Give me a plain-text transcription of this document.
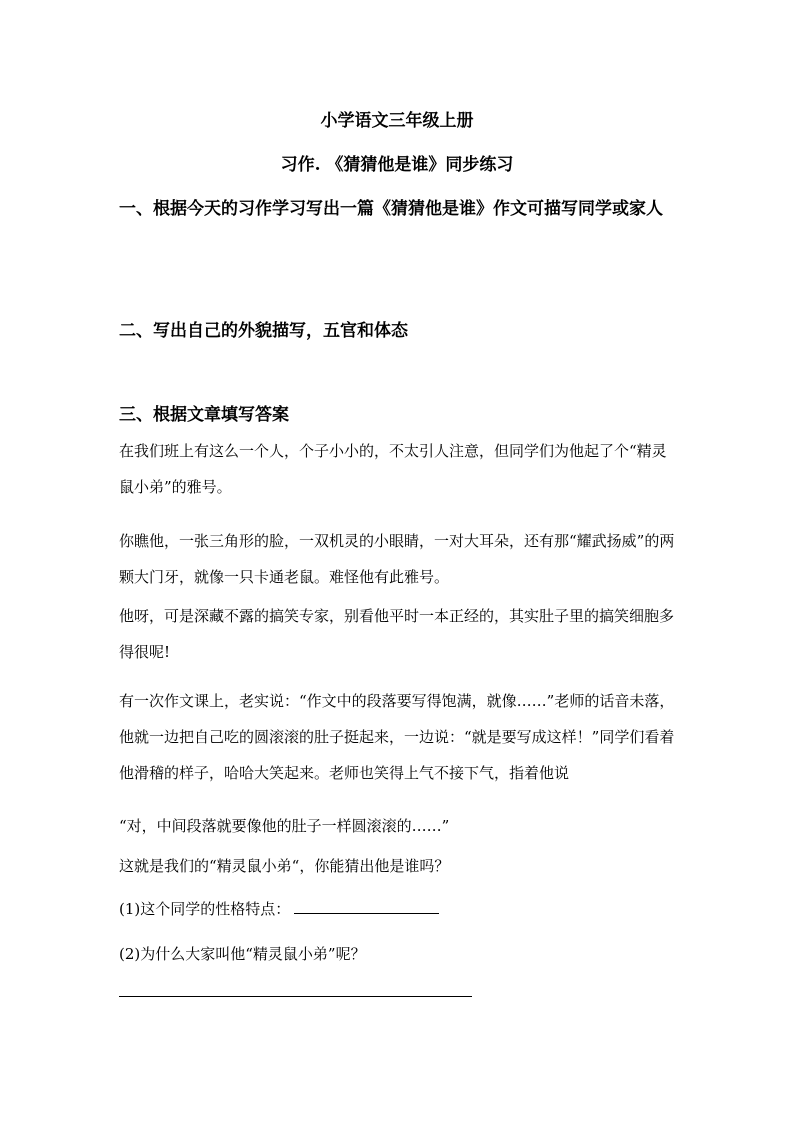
小学语文三年级上册
习作. 《猜猜他是谁》同步练习
一、根据今天的习作学习写出一篇《猜猜他是谁》作文可描写同学或家人
二、写出自己的外貌描写，五官和体态
三、根据文章填写答案
在我们班上有这么一个人，个子小小的，不太引人注意，但同学们为他起了个“精灵鼠小弟”的雅号。
你瞧他，一张三角形的脸，一双机灵的小眼睛，一对大耳朵，还有那“耀武扬威”的两颗大门牙，就像一只卡通老鼠。难怪他有此雅号。
他呀，可是深藏不露的搞笑专家，别看他平时一本正经的，其实肚子里的搞笑细胞多得很呢!
有一次作文课上，老实说：“作文中的段落要写得饱满，就像……”老师的话音未落，他就一边把自己吃的圆滚滚的肚子挺起来，一边说：“就是要写成这样！”同学们看着他滑稽的样子，哈哈大笑起来。老师也笑得上气不接下气，指着他说
“对，中间段落就要像他的肚子一样圆滚滚的……”
这就是我们的“精灵鼠小弟“，你能猜出他是谁吗？
(1)这个同学的性格特点：
(2)为什么大家叫他“精灵鼠小弟”呢？
